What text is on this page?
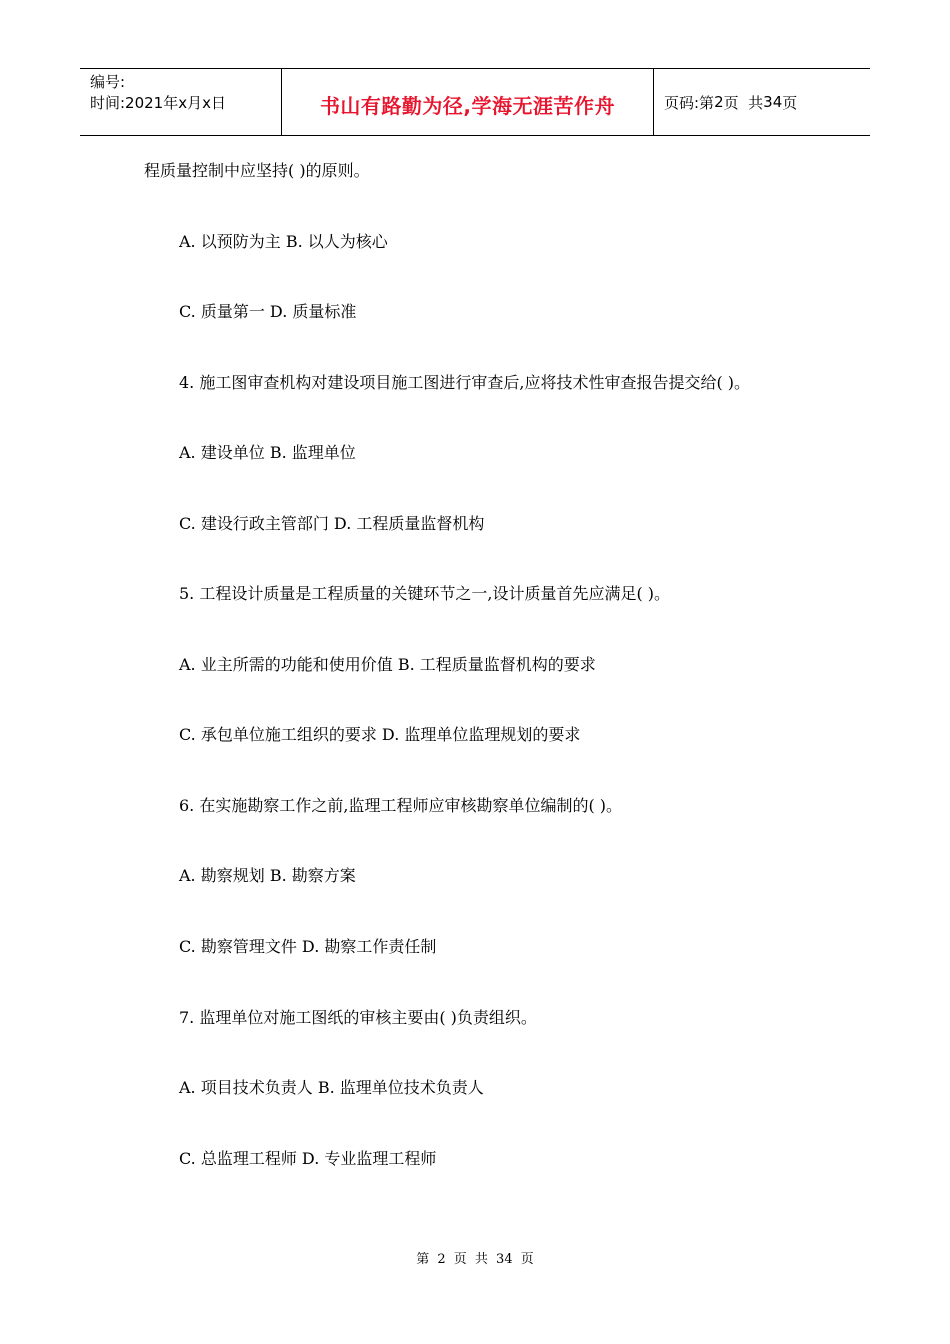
编号:
时间:2021年x月x日	书山有路勤为径,学海无涯苦作舟	页码:第 2 页  共 34 页
程质量控制中应坚持( )的原则。
A. 以预防为主 B. 以人为核心
C. 质量第一 D. 质量标准
4. 施工图审查机构对建设项目施工图进行审查后,应将技术性审查报告提交给( )。
A. 建设单位 B. 监理单位
C. 建设行政主管部门 D. 工程质量监督机构
5. 工程设计质量是工程质量的关键环节之一,设计质量首先应满足( )。
A. 业主所需的功能和使用价值 B. 工程质量监督机构的要求
C. 承包单位施工组织的要求 D. 监理单位监理规划的要求
6. 在实施勘察工作之前,监理工程师应审核勘察单位编制的( )。
A. 勘察规划 B. 勘察方案
C. 勘察管理文件 D. 勘察工作责任制
7. 监理单位对施工图纸的审核主要由( )负责组织。
A. 项目技术负责人 B. 监理单位技术负责人
C. 总监理工程师 D. 专业监理工程师
第 2 页 共 34 页
